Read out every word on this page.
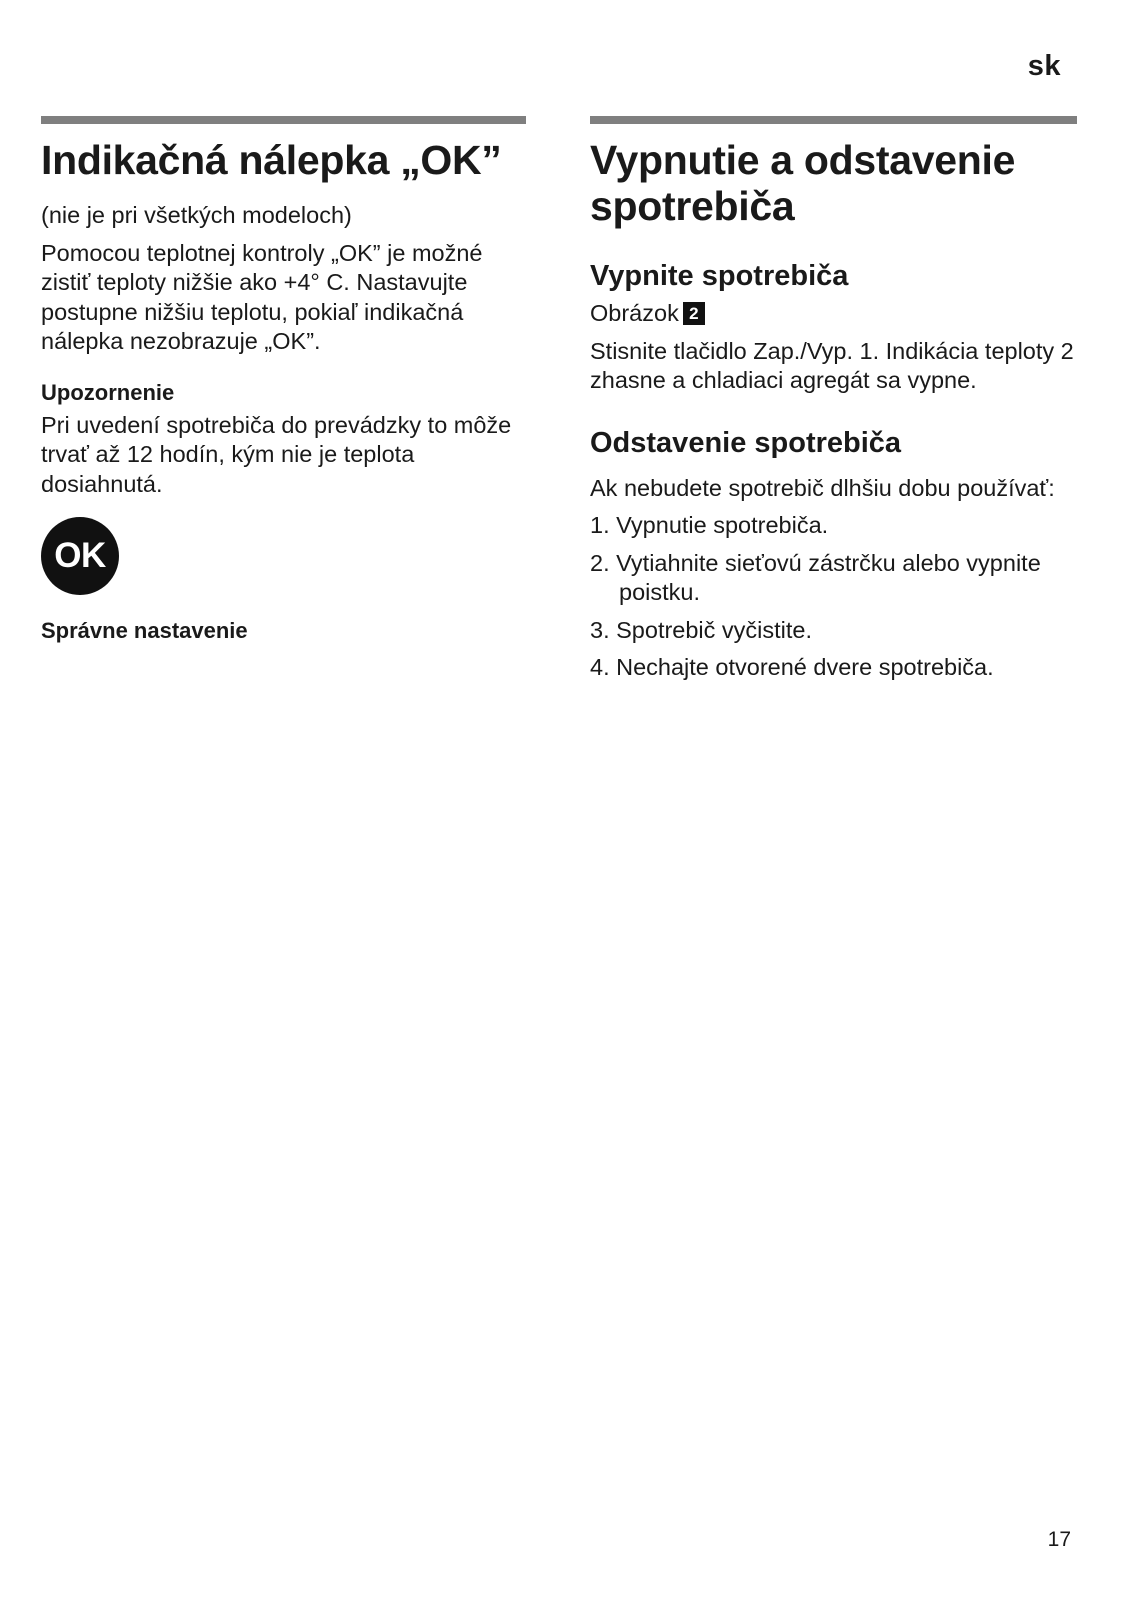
sk
Indikačná nálepka „OK”

(nie je pri všetkých modeloch)

Pomocou teplotnej kontroly „OK” je možné zistiť teploty nižšie ako +4° C. Nastavujte postupne nižšiu teplotu, pokiaľ indikačná nálepka nezobrazuje „OK”.

Upozornenie

Pri uvedení spotrebiča do prevádzky to môže trvať až 12 hodín, kým nie je teplota dosiahnutá.

OK

Správne nastavenie

Vypnutie a odstavenie spotrebiča
Vypnite spotrebiča

Obrázok 2

Stisnite tlačidlo Zap./Vyp. 1. Indikácia teploty 2 zhasne a chladiaci agregát sa vypne.

Odstavenie spotrebiča

Ak nebudete spotrebič dlhšiu dobu používať:

1. Vypnutie spotrebiča.
2. Vytiahnite sieťovú zástrčku alebo vypnite poistku.
3. Spotrebič vyčistite.
4. Nechajte otvorené dvere spotrebiča.
17
